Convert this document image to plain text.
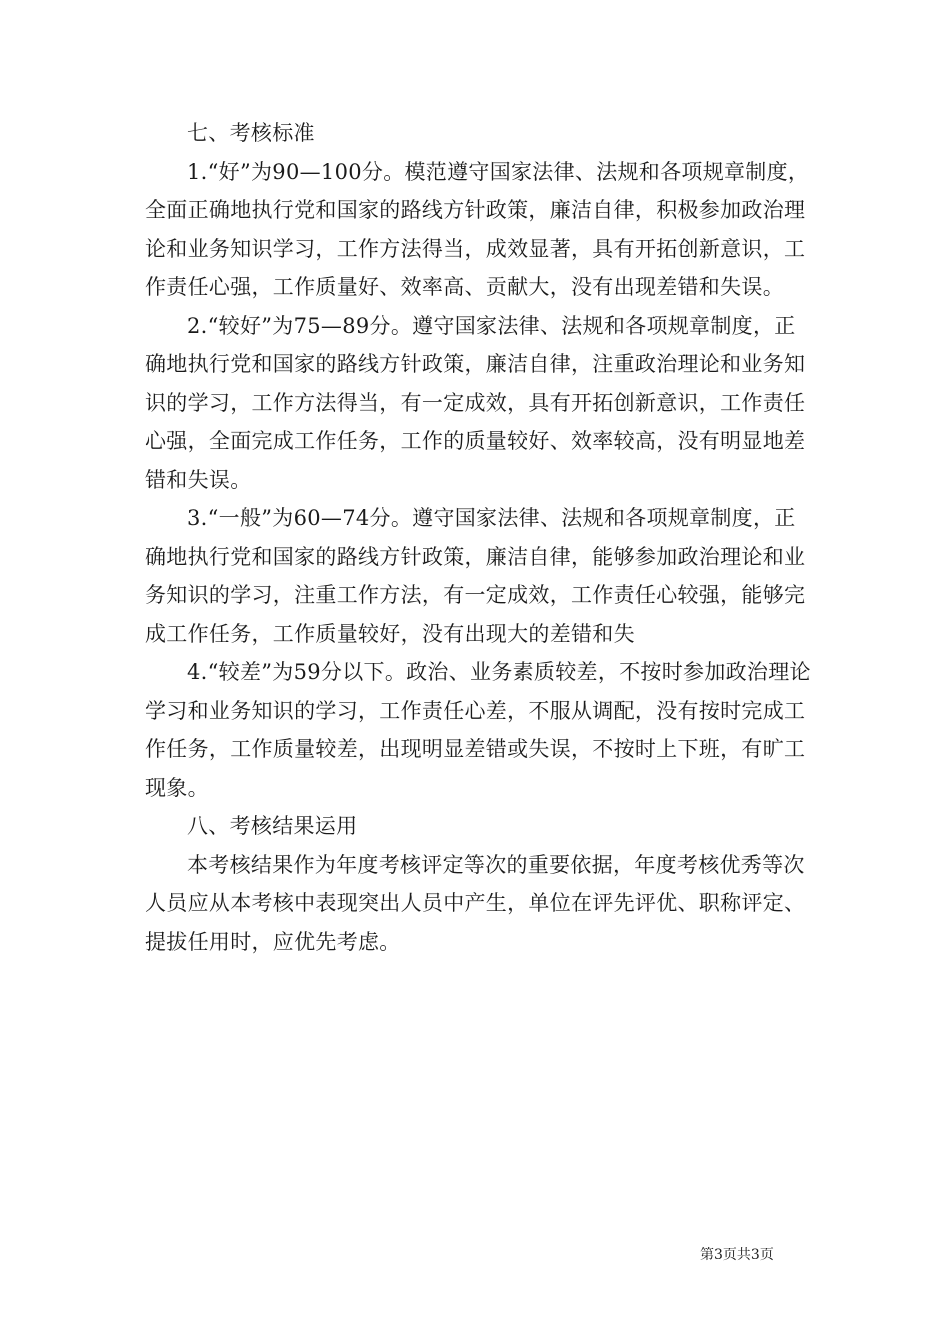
七、考核标准

1.“好”为90—100分。模范遵守国家法律、法规和各项规章制度，全面正确地执行党和国家的路线方针政策，廉洁自律，积极参加政治理论和业务知识学习，工作方法得当，成效显著，具有开拓创新意识，工作责任心强，工作质量好、效率高、贡献大，没有出现差错和失误。

2.“较好”为75—89分。遵守国家法律、法规和各项规章制度，正确地执行党和国家的路线方针政策，廉洁自律，注重政治理论和业务知识的学习，工作方法得当，有一定成效，具有开拓创新意识，工作责任心强，全面完成工作任务，工作的质量较好、效率较高，没有明显地差错和失误。

3.“一般”为60—74分。遵守国家法律、法规和各项规章制度，正确地执行党和国家的路线方针政策，廉洁自律，能够参加政治理论和业务知识的学习，注重工作方法，有一定成效，工作责任心较强，能够完成工作任务，工作质量较好，没有出现大的差错和失

4.“较差”为59分以下。政治、业务素质较差，不按时参加政治理论学习和业务知识的学习，工作责任心差，不服从调配，没有按时完成工作任务，工作质量较差，出现明显差错或失误，不按时上下班，有旷工现象。

八、考核结果运用

本考核结果作为年度考核评定等次的重要依据，年度考核优秀等次人员应从本考核中表现突出人员中产生，单位在评先评优、职称评定、提拔任用时，应优先考虑。

第3页共3页
